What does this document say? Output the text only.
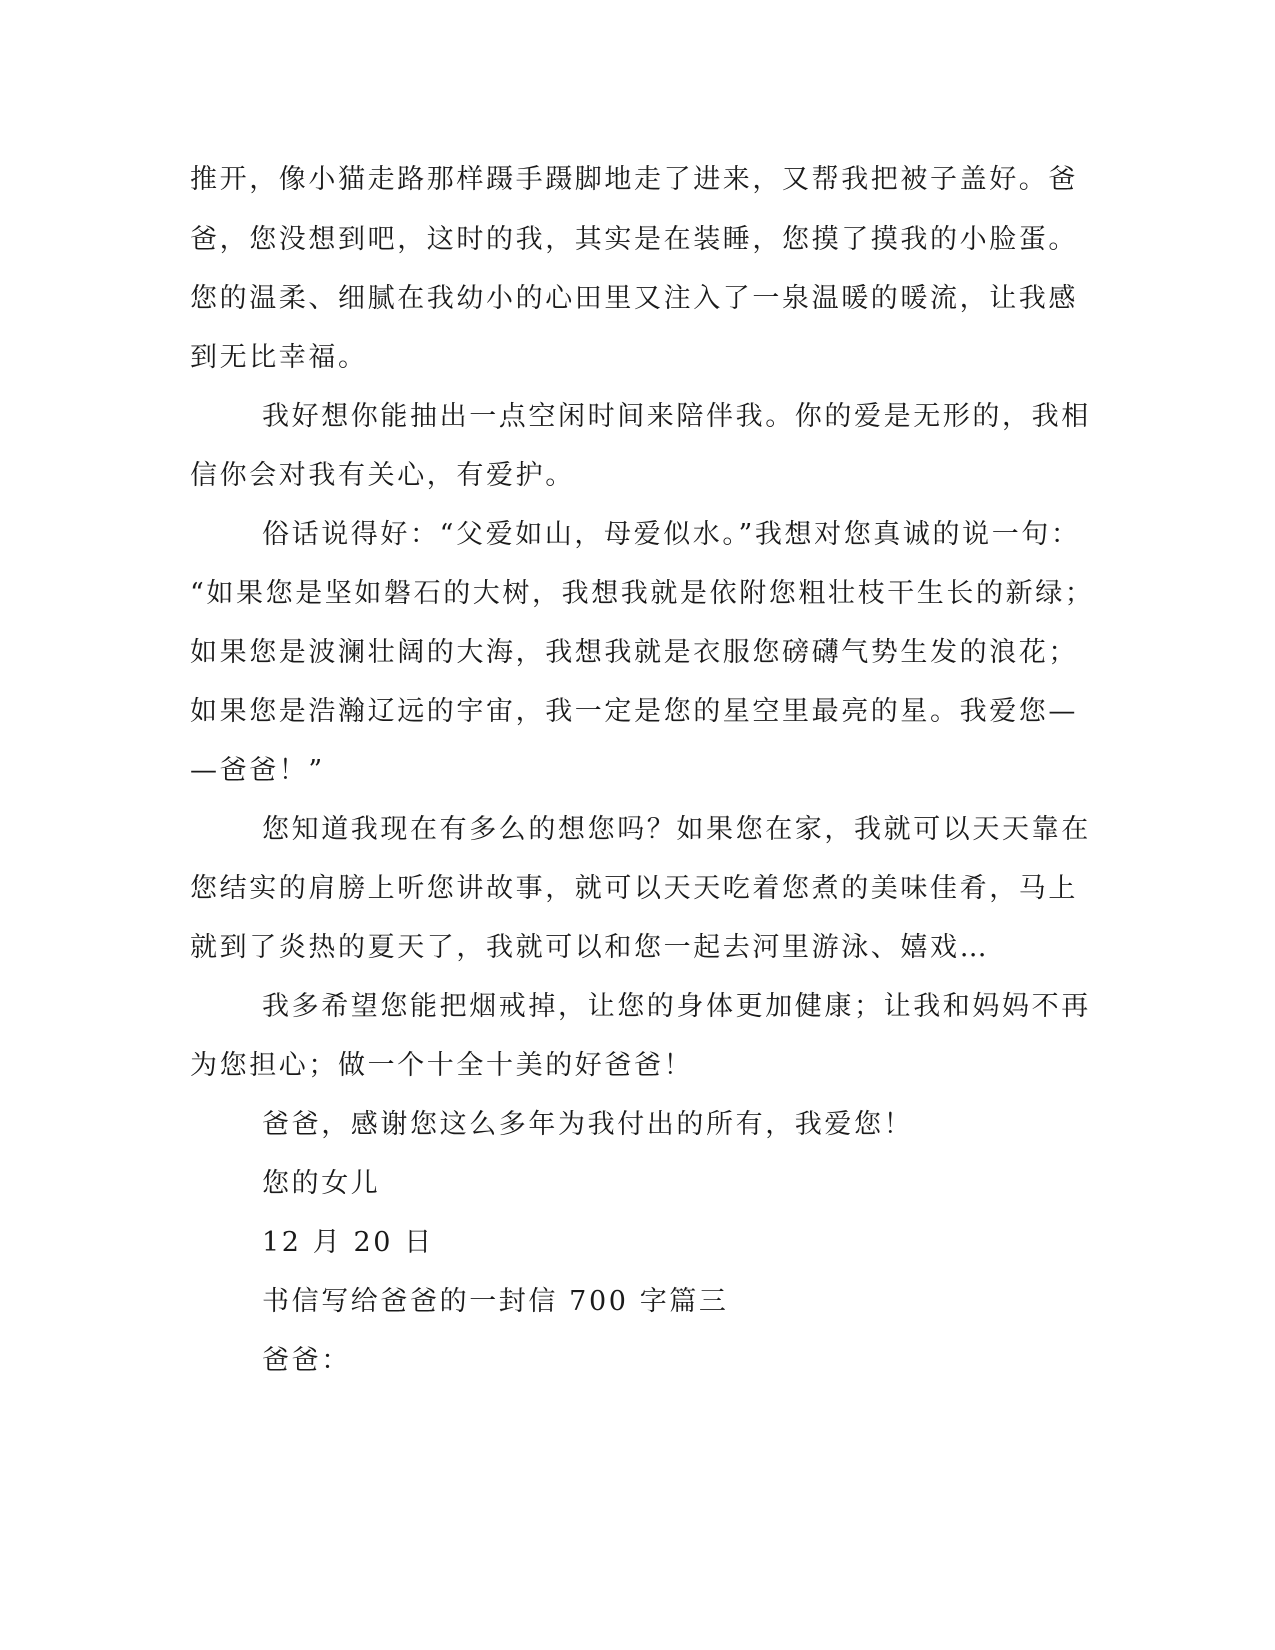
推开，像小猫走路那样蹑手蹑脚地走了进来，又帮我把被子盖好。爸
爸，您没想到吧，这时的我，其实是在装睡，您摸了摸我的小脸蛋。
您的温柔、细腻在我幼小的心田里又注入了一泉温暖的暖流，让我感
到无比幸福。
我好想你能抽出一点空闲时间来陪伴我。你的爱是无形的，我相
信你会对我有关心，有爱护。
俗话说得好：“父爱如山，母爱似水。”我想对您真诚的说一句：
“如果您是坚如磐石的大树，我想我就是依附您粗壮枝干生长的新绿；
如果您是波澜壮阔的大海，我想我就是衣服您磅礴气势生发的浪花；
如果您是浩瀚辽远的宇宙，我一定是您的星空里最亮的星。我爱您—
—爸爸！”
您知道我现在有多么的想您吗？如果您在家，我就可以天天靠在
您结实的肩膀上听您讲故事，就可以天天吃着您煮的美味佳肴，马上
就到了炎热的夏天了，我就可以和您一起去河里游泳、嬉戏…
我多希望您能把烟戒掉，让您的身体更加健康；让我和妈妈不再
为您担心；做一个十全十美的好爸爸！
爸爸，感谢您这么多年为我付出的所有，我爱您！
您的女儿
12 月 20 日
书信写给爸爸的一封信 700 字篇三
爸爸：
